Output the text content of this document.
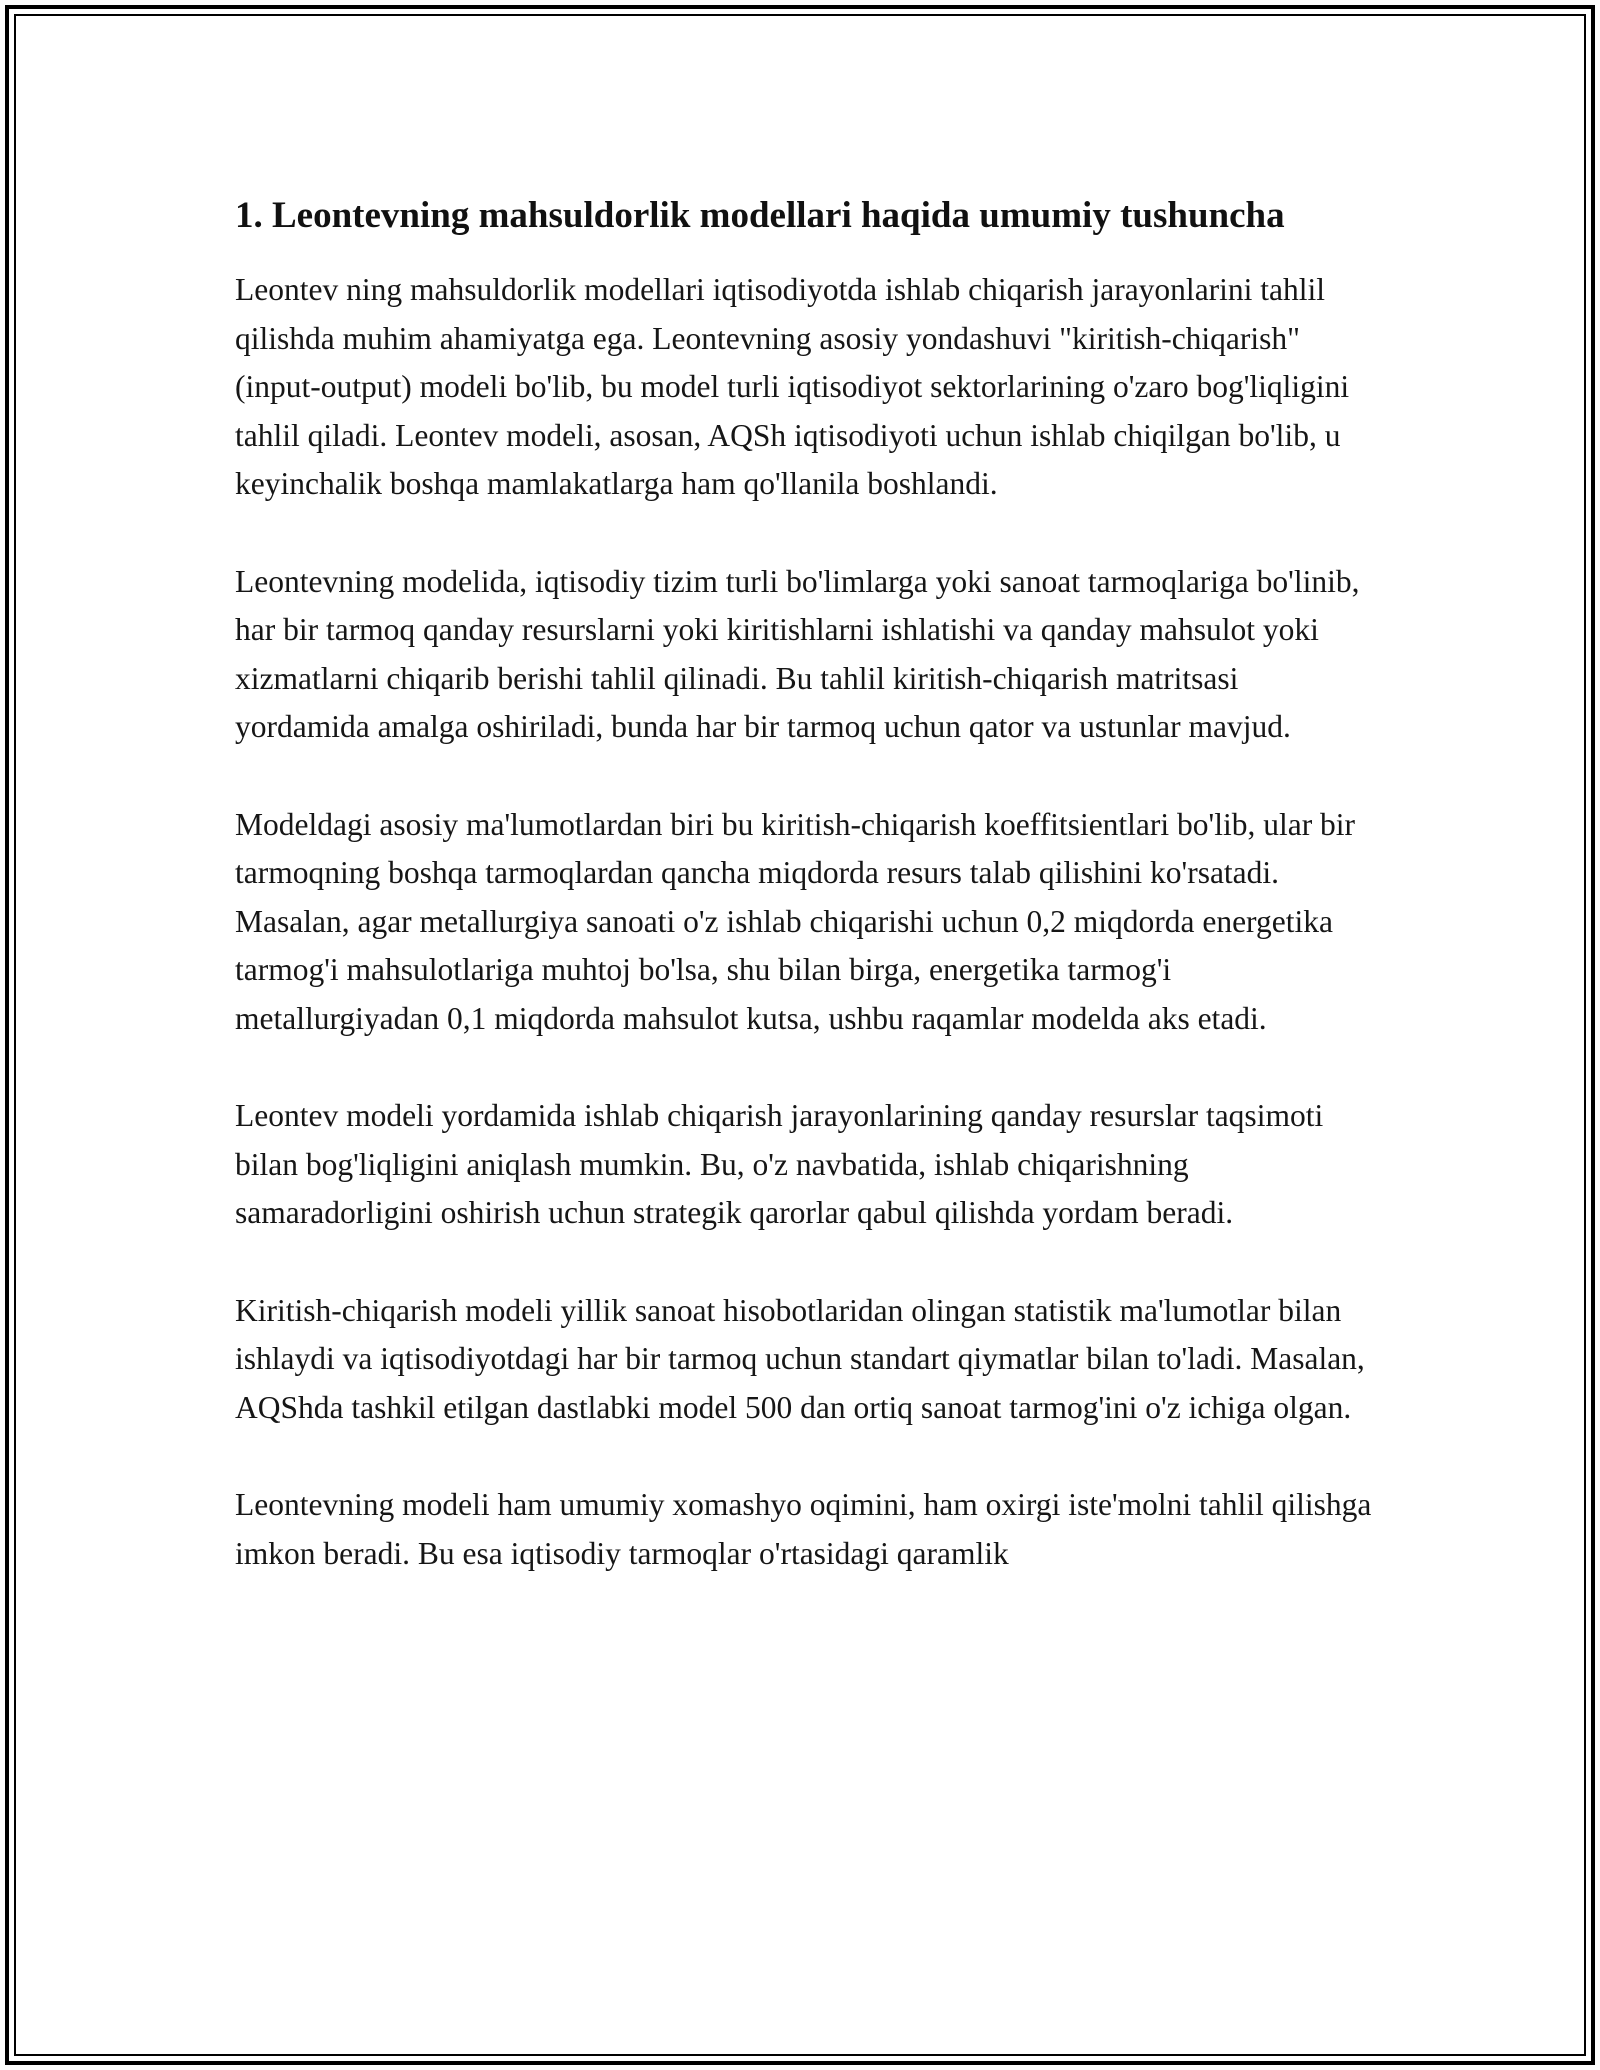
1. Leontevning mahsuldorlik modellari haqida umumiy tushuncha

Leontev ning mahsuldorlik modellari iqtisodiyotda ishlab chiqarish jarayonlarini tahlil qilishda muhim ahamiyatga ega. Leontevning asosiy yondashuvi "kiritish-chiqarish" (input-output) modeli bo'lib, bu model turli iqtisodiyot sektorlarining o'zaro bog'liqligini tahlil qiladi. Leontev modeli, asosan, AQSh iqtisodiyoti uchun ishlab chiqilgan bo'lib, u keyinchalik boshqa mamlakatlarga ham qo'llanila boshlandi.

Leontevning modelida, iqtisodiy tizim turli bo'limlarga yoki sanoat tarmoqlariga bo'linib, har bir tarmoq qanday resurslarni yoki kiritishlarni ishlatishi va qanday mahsulot yoki xizmatlarni chiqarib berishi tahlil qilinadi. Bu tahlil kiritish-chiqarish matritsasi yordamida amalga oshiriladi, bunda har bir tarmoq uchun qator va ustunlar mavjud.

Modeldagi asosiy ma'lumotlardan biri bu kiritish-chiqarish koeffitsientlari bo'lib, ular bir tarmoqning boshqa tarmoqlardan qancha miqdorda resurs talab qilishini ko'rsatadi. Masalan, agar metallurgiya sanoati o'z ishlab chiqarishi uchun 0,2 miqdorda energetika tarmog'i mahsulotlariga muhtoj bo'lsa, shu bilan birga, energetika tarmog'i metallurgiyadan 0,1 miqdorda mahsulot kutsa, ushbu raqamlar modelda aks etadi.

Leontev modeli yordamida ishlab chiqarish jarayonlarining qanday resurslar taqsimoti bilan bog'liqligini aniqlash mumkin. Bu, o'z navbatida, ishlab chiqarishning samaradorligini oshirish uchun strategik qarorlar qabul qilishda yordam beradi.

Kiritish-chiqarish modeli yillik sanoat hisobotlaridan olingan statistik ma'lumotlar bilan ishlaydi va iqtisodiyotdagi har bir tarmoq uchun standart qiymatlar bilan to'ladi. Masalan, AQShda tashkil etilgan dastlabki model 500 dan ortiq sanoat tarmog'ini o'z ichiga olgan.

Leontevning modeli ham umumiy xomashyo oqimini, ham oxirgi iste'molni tahlil qilishga imkon beradi. Bu esa iqtisodiy tarmoqlar o'rtasidagi qaramlik
